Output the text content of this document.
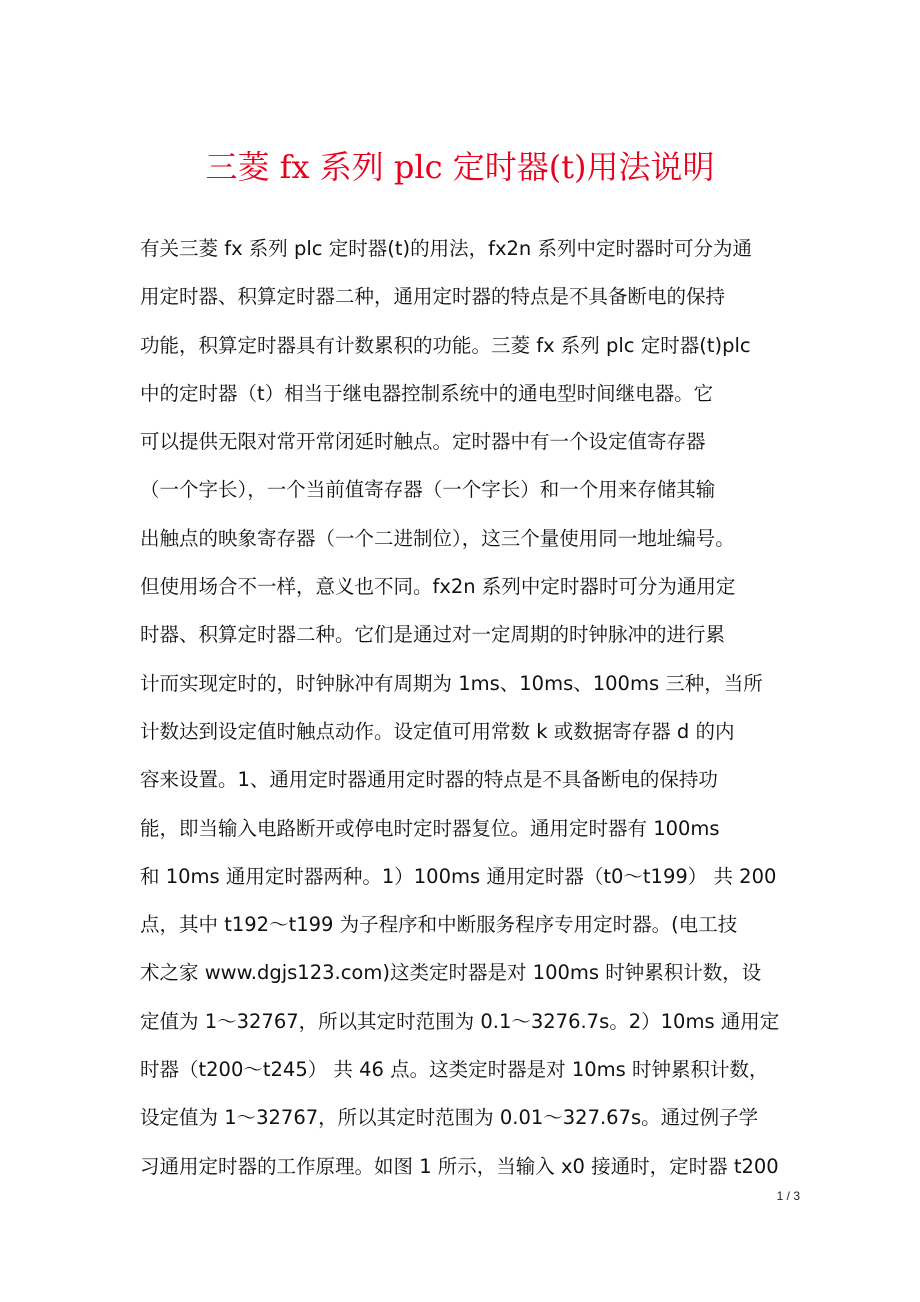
三菱 fx 系列 plc 定时器(t)用法说明
有关三菱 fx 系列 plc 定时器(t)的用法，fx2n 系列中定时器时可分为通
用定时器、积算定时器二种，通用定时器的特点是不具备断电的保持
功能，积算定时器具有计数累积的功能。三菱 fx 系列 plc 定时器(t)plc
中的定时器（t）相当于继电器控制系统中的通电型时间继电器。它
可以提供无限对常开常闭延时触点。定时器中有一个设定值寄存器
（一个字长），一个当前值寄存器（一个字长）和一个用来存储其输
出触点的映象寄存器（一个二进制位），这三个量使用同一地址编号。
但使用场合不一样，意义也不同。fx2n 系列中定时器时可分为通用定
时器、积算定时器二种。它们是通过对一定周期的时钟脉冲的进行累
计而实现定时的，时钟脉冲有周期为 1ms、10ms、100ms 三种，当所
计数达到设定值时触点动作。设定值可用常数 k 或数据寄存器 d 的内
容来设置。1、通用定时器通用定时器的特点是不具备断电的保持功
能，即当输入电路断开或停电时定时器复位。通用定时器有 100ms
和 10ms 通用定时器两种。1）100ms 通用定时器（t0～t199） 共 200
点，其中 t192～t199 为子程序和中断服务程序专用定时器。(电工技
术之家 www.dgjs123.com)这类定时器是对 100ms 时钟累积计数，设
定值为 1～32767，所以其定时范围为 0.1～3276.7s。2）10ms 通用定
时器（t200～t245） 共 46 点。这类定时器是对 10ms 时钟累积计数，
设定值为 1～32767，所以其定时范围为 0.01～327.67s。通过例子学
习通用定时器的工作原理。如图 1 所示，当输入 x0 接通时，定时器 t200
1 / 3
